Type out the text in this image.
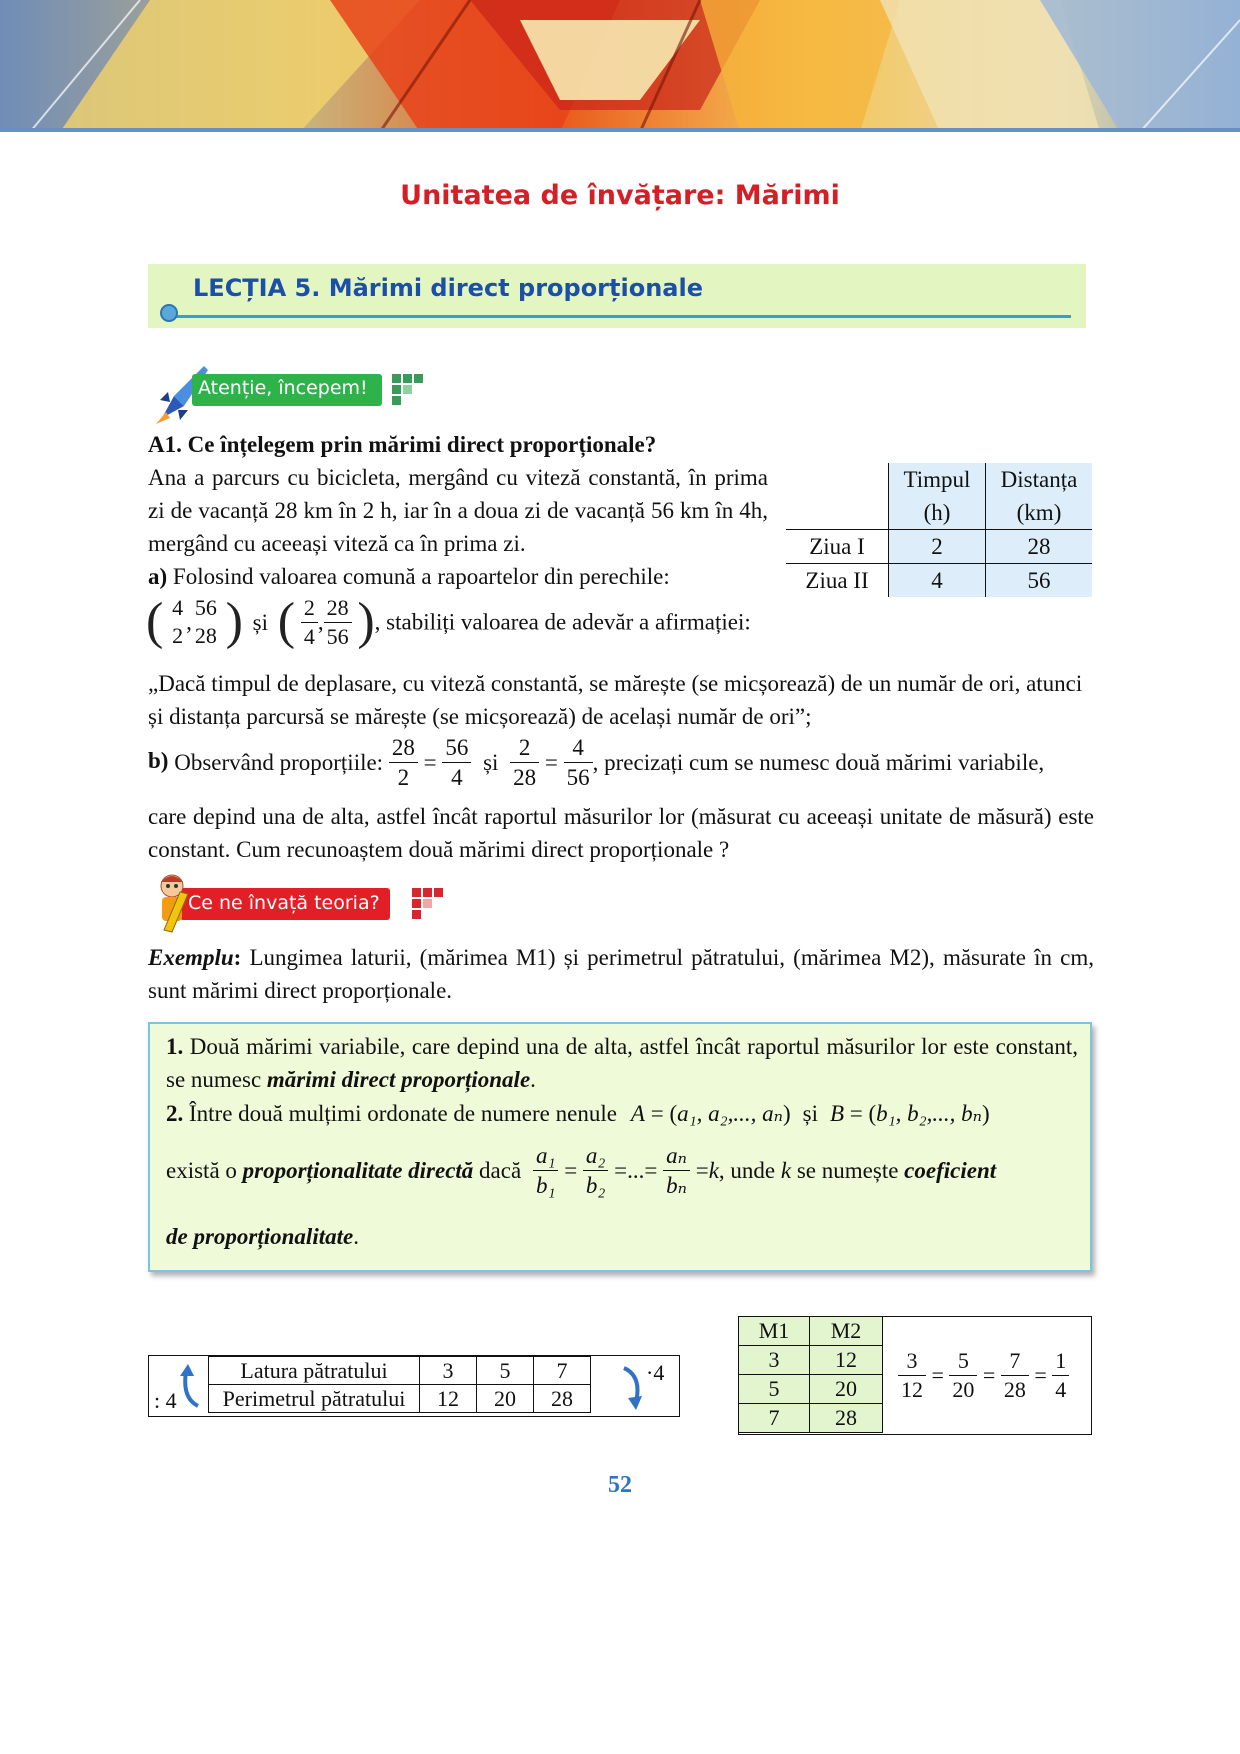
Unitatea de învățare: Mărimi
LECȚIA 5. Mărimi direct proporționale
Atenție, începem!
A1. Ce înțelegem prin mărimi direct proporționale?
Ana a parcurs cu bicicleta, mergând cu viteză constantă, în prima zi de vacanță 28 km în 2 h, iar în a doua zi de vacanță 56 km în 4h, mergând cu aceeași viteză ca în prima zi.
a) Folosind valoarea comună a rapoartelor din perechile:
( 4
2
,
56
28 ) și ( $\frac{2}{4}$ , $\frac{28}{56}$ ), stabiliți valoarea de adevăr a afirmației:
	Timpul	Distanța
	(h)	(km)
Ziua I	2	28
Ziua II	4	56
„Dacă timpul de deplasare, cu viteză constantă, se mărește (se micșorează) de un număr de ori, atunci și distanța parcursă se mărește (se micșorează) de același număr de ori”;
b) Observând proporțiile: $\frac{28}{2} = \frac{56}{4}$ și $\frac{2}{28} = \frac{4}{56}$ , precizați cum se numesc două mărimi variabile,
care depind una de alta, astfel încât raportul măsurilor lor (măsurat cu aceeași unitate de măsură) este constant. Cum recunoaștem două mărimi direct proporționale ?
Ce ne învață teoria?
Exemplu: Lungimea laturii, (mărimea M1) și perimetrul pătratului, (mărimea M2), măsurate în cm, sunt mărimi direct proporționale.
1. Două mărimi variabile, care depind una de alta, astfel încât raportul măsurilor lor este constant, se numesc mărimi direct proporționale.
2. Între două mulțimi ordonate de numere nenule A = (a₁, a₂,..., aₙ) și B = (b₁, b₂,..., bₙ)
există o proporționalitate directă dacă $\frac{\text{a₁}}{\text{b₁}} = \frac{\text{a₂}}{\text{b₂}}$ =...= $\frac{\text{aₙ}}{\text{bₙ}} =k$, unde k se numește coeficient
de proporționalitate.
: 4
Latura pătratului	3	5	7
Perimetrul pătratului	12	20	28
·4
M1	M2
3	12
5	20
7	28
$\frac{3}{12} = \frac{5}{20} = \frac{7}{28} = \frac{1}{4}$
52
